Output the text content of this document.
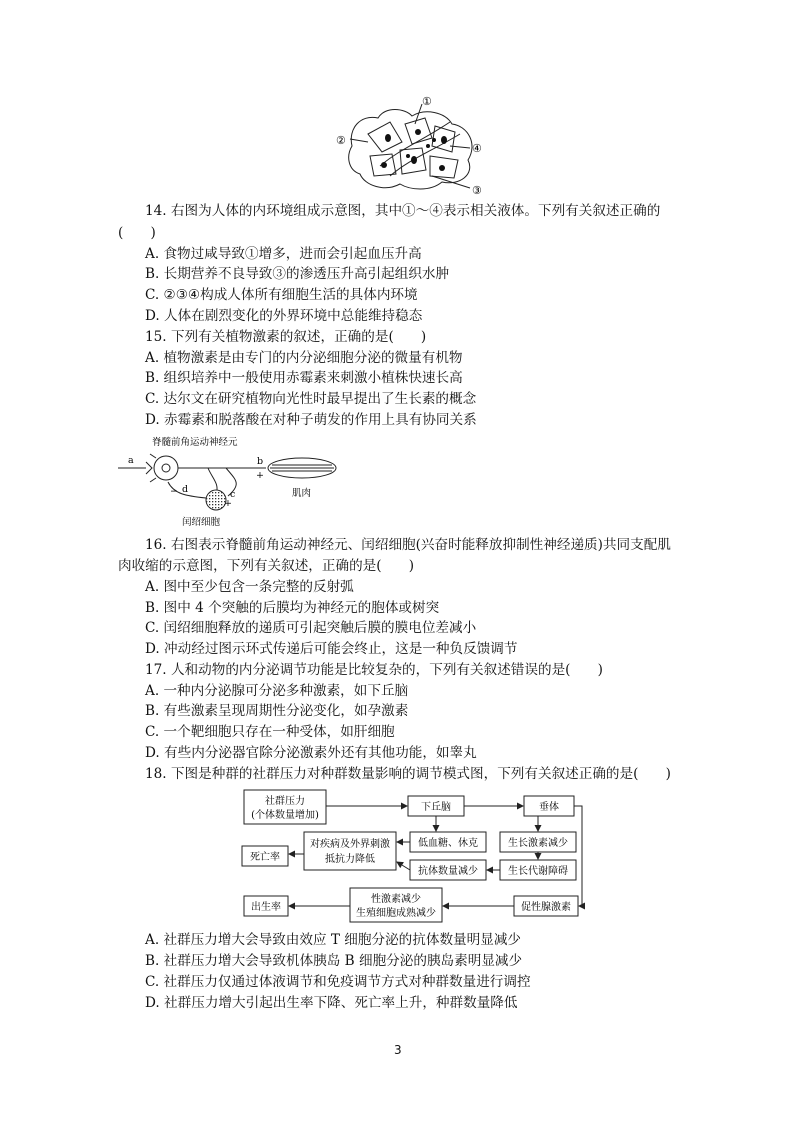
①
②
③
④
14. 右图为人体的内环境组成示意图，其中①～④表示相关液体。下列有关叙述正确的
(　　)
A. 食物过咸导致①增多，进而会引起血压升高
B. 长期营养不良导致③的渗透压升高引起组织水肿
C. ②③④构成人体所有细胞生活的具体内环境
D. 人体在剧烈变化的外界环境中总能维持稳态
15. 下列有关植物激素的叙述，正确的是(　　)
A. 植物激素是由专门的内分泌细胞分泌的微量有机物
B. 组织培养中一般使用赤霉素来刺激小植株快速长高
C. 达尔文在研究植物向光性时最早提出了生长素的概念
D. 赤霉素和脱落酸在对种子萌发的作用上具有协同关系
脊髓前角运动神经元
a	b
+
肌肉
d
−	c
+
闰绍细胞
16. 右图表示脊髓前角运动神经元、闰绍细胞(兴奋时能释放抑制性神经递质)共同支配肌
肉收缩的示意图，下列有关叙述，正确的是(　　)
A. 图中至少包含一条完整的反射弧
B. 图中 4 个突触的后膜均为神经元的胞体或树突
C. 闰绍细胞释放的递质可引起突触后膜的膜电位差减小
D. 冲动经过图示环式传递后可能会终止，这是一种负反馈调节
17. 人和动物的内分泌调节功能是比较复杂的，下列有关叙述错误的是(　　)
A. 一种内分泌腺可分泌多种激素，如下丘脑
B. 有些激素呈现周期性分泌变化，如孕激素
C. 一个靶细胞只存在一种受体，如肝细胞
D. 有些内分泌器官除分泌激素外还有其他功能，如睾丸
18. 下图是种群的社群压力对种群数量影响的调节模式图，下列有关叙述正确的是(　　)
社群压力
(个体数量增加)
下丘脑	垂体
低血糖、休克	生长激素减少
对疾病及外界刺激
抵抗力降低
死亡率
抗体数量减少	生长代谢障碍
出生率
性激素减少
生殖细胞成熟减少
促性腺激素
A. 社群压力增大会导致由效应 T 细胞分泌的抗体数量明显减少
B. 社群压力增大会导致机体胰岛 B 细胞分泌的胰岛素明显减少
C. 社群压力仅通过体液调节和免疫调节方式对种群数量进行调控
D. 社群压力增大引起出生率下降、死亡率上升，种群数量降低
3
